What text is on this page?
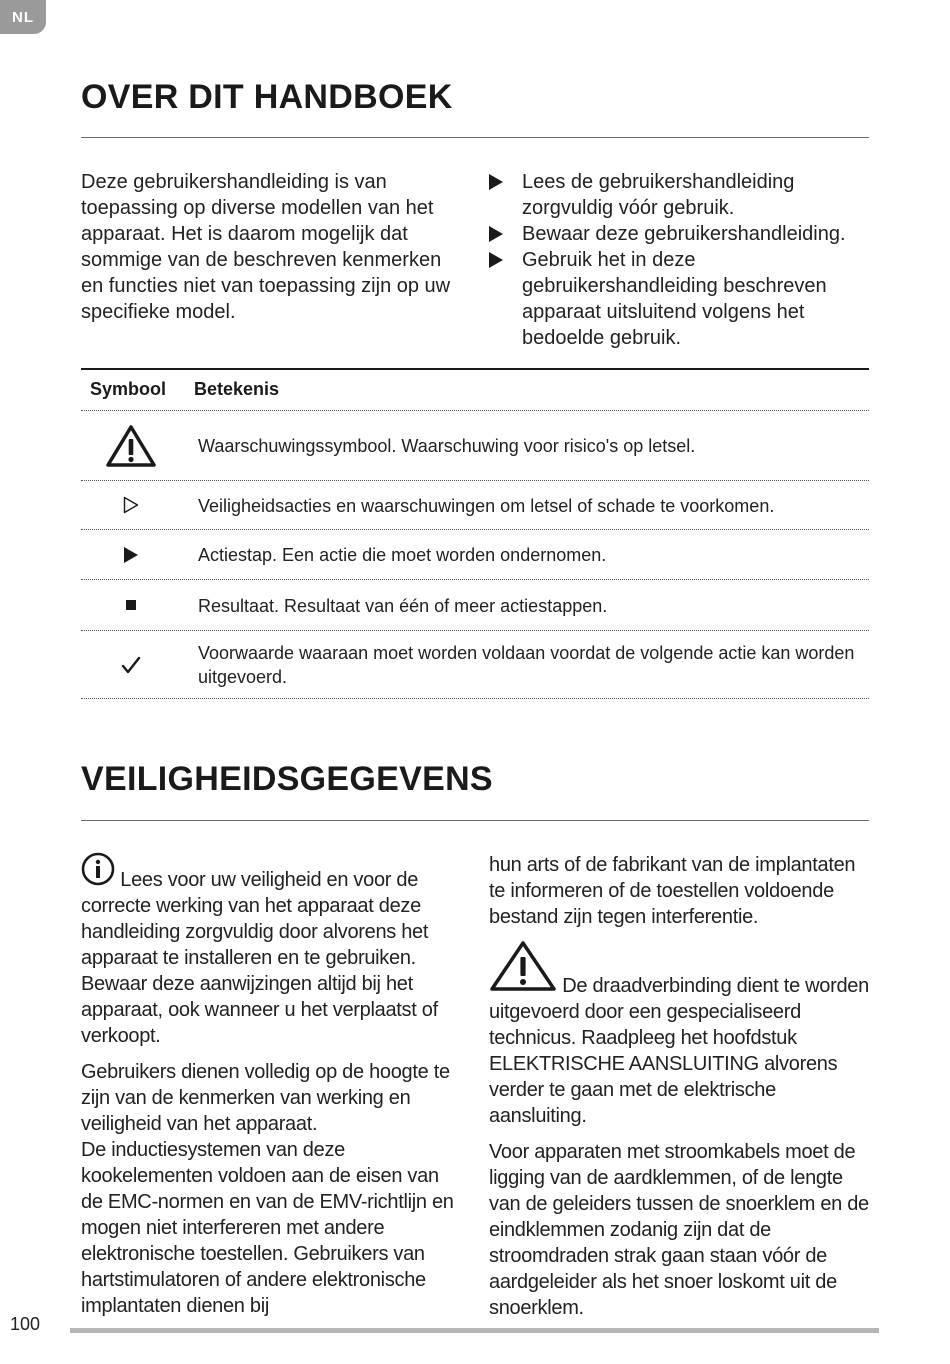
NL
OVER DIT HANDBOEK
Deze gebruikershandleiding is van toepassing op diverse modellen van het apparaat. Het is daarom mogelijk dat sommige van de beschreven kenmerken en functies niet van toepassing zijn op uw specifieke model.
Lees de gebruikershandleiding zorgvuldig vóór gebruik.
Bewaar deze gebruikershandleiding.
Gebruik het in deze gebruikershandleiding beschreven apparaat uitsluitend volgens het bedoelde gebruik.
Symbool Betekenis
Waarschuwingssymbool. Waarschuwing voor risico's op letsel.
Veiligheidsacties en waarschuwingen om letsel of schade te voorkomen.
Actiestap. Een actie die moet worden ondernomen.
Resultaat. Resultaat van één of meer actiestappen.
Voorwaarde waaraan moet worden voldaan voordat de volgende actie kan worden uitgevoerd.
VEILIGHEIDSGEGEVENS

Lees voor uw veiligheid en voor de correcte werking van het apparaat deze handleiding zorgvuldig door alvorens het apparaat te installeren en te gebruiken. Bewaar deze aanwijzingen altijd bij het apparaat, ook wanneer u het verplaatst of verkoopt.

Gebruikers dienen volledig op de hoogte te zijn van de kenmerken van werking en veiligheid van het apparaat.

De inductiesystemen van deze kookelementen voldoen aan de eisen van de EMC-normen en van de EMV-richtlijn en mogen niet interfereren met andere elektronische toestellen. Gebruikers van hartstimulatoren of andere elektronische implantaten dienen bij

hun arts of de fabrikant van de implantaten te informeren of de toestellen voldoende bestand zijn tegen interferentie.

De draadverbinding dient te worden uitgevoerd door een gespecialiseerd technicus. Raadpleeg het hoofdstuk ELEKTRISCHE AANSLUITING alvorens verder te gaan met de elektrische aansluiting.

Voor apparaten met stroomkabels moet de ligging van de aardklemmen, of de lengte van de geleiders tussen de snoerklem en de eindklemmen zodanig zijn dat de stroomdraden strak gaan staan vóór de aardgeleider als het snoer loskomt uit de snoerklem.

100
